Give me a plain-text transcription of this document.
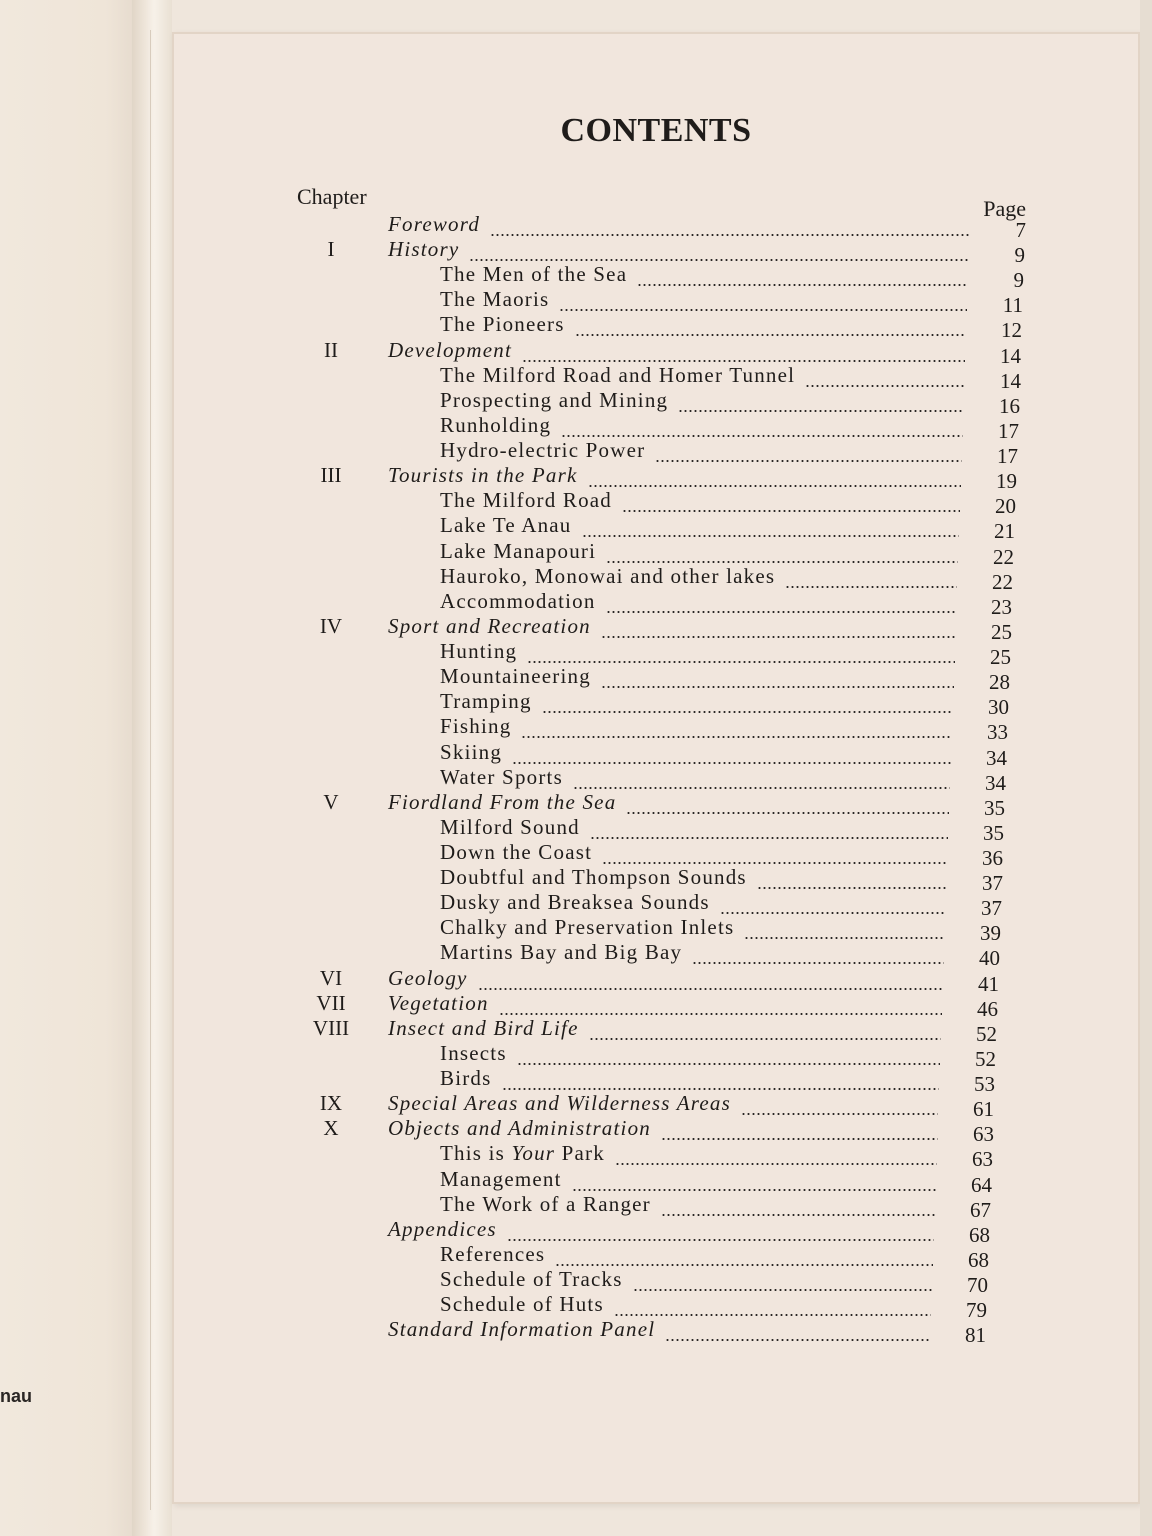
nau
CONTENTS
Chapter	Page
Foreword	7
I	History	9
The Men of the Sea	9
The Maoris	11
The Pioneers	12
II	Development	14
The Milford Road and Homer Tunnel	14
Prospecting and Mining	16
Runholding	17
Hydro-electric Power	17
III	Tourists in the Park	19
The Milford Road	20
Lake Te Anau	21
Lake Manapouri	22
Hauroko, Monowai and other lakes	22
Accommodation	23
IV	Sport and Recreation	25
Hunting	25
Mountaineering	28
Tramping	30
Fishing	33
Skiing	34
Water Sports	34
V	Fiordland From the Sea	35
Milford Sound	35
Down the Coast	36
Doubtful and Thompson Sounds	37
Dusky and Breaksea Sounds	37
Chalky and Preservation Inlets	39
Martins Bay and Big Bay	40
VI	Geology	41
VII	Vegetation	46
VIII	Insect and Bird Life	52
Insects	52
Birds	53
IX	Special Areas and Wilderness Areas	61
X	Objects and Administration	63
This is Your Park	63
Management	64
The Work of a Ranger	67
Appendices	68
References	68
Schedule of Tracks	70
Schedule of Huts	79
Standard Information Panel	81
